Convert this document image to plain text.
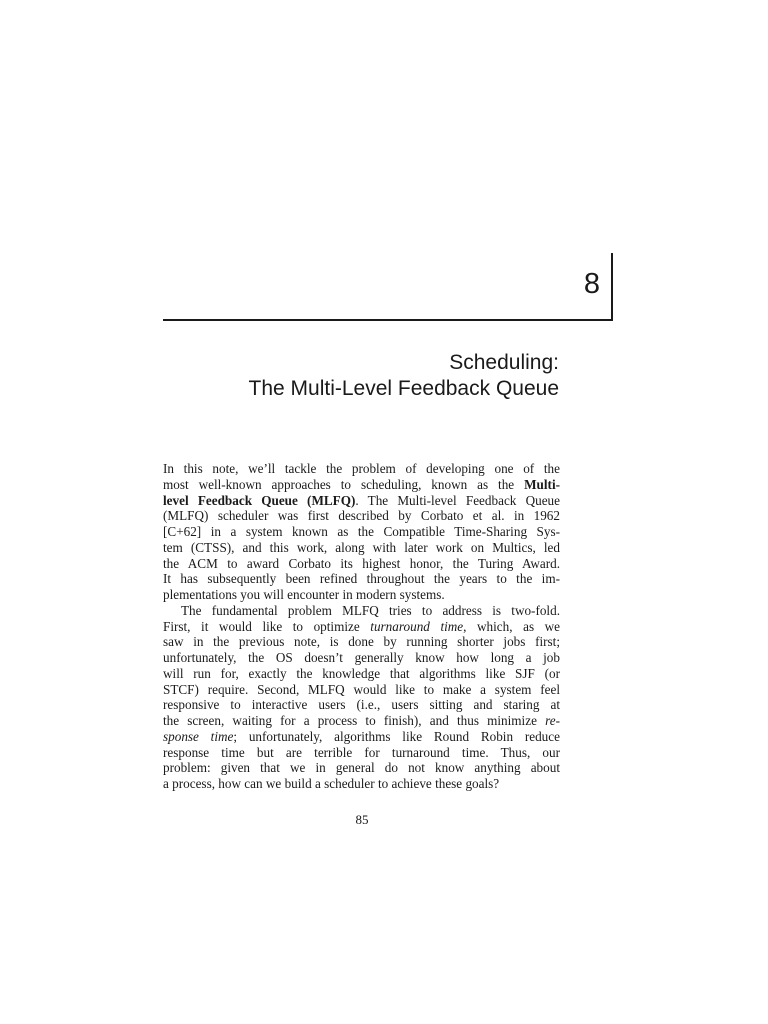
8
Scheduling:
The Multi-Level Feedback Queue

In this note, we’ll tackle the problem of developing one of the
most well-known approaches to scheduling, known as the Multi-
level Feedback Queue (MLFQ). The Multi-level Feedback Queue
(MLFQ) scheduler was first described by Corbato et al. in 1962
[C+62] in a system known as the Compatible Time-Sharing Sys-
tem (CTSS), and this work, along with later work on Multics, led
the ACM to award Corbato its highest honor, the Turing Award.
It has subsequently been refined throughout the years to the im-
plementations you will encounter in modern systems.

The fundamental problem MLFQ tries to address is two-fold.
First, it would like to optimize turnaround time, which, as we
saw in the previous note, is done by running shorter jobs first;
unfortunately, the OS doesn’t generally know how long a job
will run for, exactly the knowledge that algorithms like SJF (or
STCF) require. Second, MLFQ would like to make a system feel
responsive to interactive users (i.e., users sitting and staring at
the screen, waiting for a process to finish), and thus minimize re-
sponse time; unfortunately, algorithms like Round Robin reduce
response time but are terrible for turnaround time. Thus, our
problem: given that we in general do not know anything about
a process, how can we build a scheduler to achieve these goals?

85
